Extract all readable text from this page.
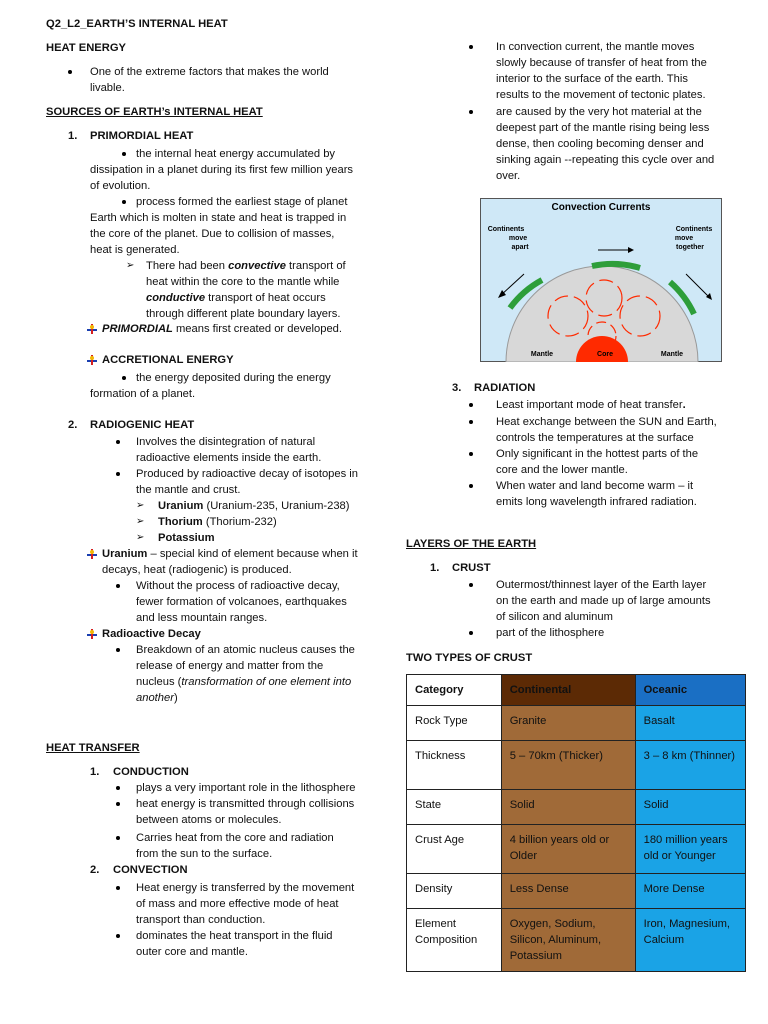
Q2_L2_EARTH’S INTERNAL HEAT
HEAT ENERGY
One of the extreme factors that makes the world
livable.
SOURCES OF EARTH’s INTERNAL HEAT
1. PRIMORDIAL HEAT
the internal heat energy accumulated by
dissipation in a planet during its first few million years
of evolution.
process formed the earliest stage of planet
Earth which is molten in state and heat is trapped in
the core of the planet. Due to collision of masses,
heat is generated.
➢ There had been convective transport of
heat within the core to the mantle while
conductive transport of heat occurs
through different plate boundary layers.
PRIMORDIAL means first created or developed.
ACCRETIONAL ENERGY
the energy deposited during the energy
formation of a planet.
2. RADIOGENIC HEAT
Involves the disintegration of natural
radioactive elements inside the earth.
Produced by radioactive decay of isotopes in
the mantle and crust.
➢ Uranium (Uranium-235, Uranium-238)
➢ Thorium (Thorium-232)
➢ Potassium
Uranium – special kind of element because when it
decays, heat (radiogenic) is produced.
Without the process of radioactive decay,
fewer formation of volcanoes, earthquakes
and less mountain ranges.
Radioactive Decay
Breakdown of an atomic nucleus causes the
release of energy and matter from the
nucleus (transformation of one element into
another)
HEAT TRANSFER
1. CONDUCTION
plays a very important role in the lithosphere
heat energy is transmitted through collisions
between atoms or molecules.
Carries heat from the core and radiation
from the sun to the surface.
2. CONVECTION
Heat energy is transferred by the movement
of mass and more effective mode of heat
transport than conduction.
dominates the heat transport in the fluid
outer core and mantle.
In convection current, the mantle moves
slowly because of transfer of heat from the
interior to the surface of the earth. This
results to the movement of tectonic plates.
are caused by the very hot material at the
deepest part of the mantle rising being less
dense, then cooling becoming denser and
sinking again --repeating this cycle over and
over.
Convection Currents
Continents
move
apart
Continents
move
together
Mantle	Core	Mantle
3. RADIATION
Least important mode of heat transfer.
Heat exchange between the SUN and Earth,
controls the temperatures at the surface
Only significant in the hottest parts of the
core and the lower mantle.
When water and land become warm – it
emits long wavelength infrared radiation.
LAYERS OF THE EARTH
1. CRUST
Outermost/thinnest layer of the Earth layer
on the earth and made up of large amounts
of silicon and aluminum
part of the lithosphere
TWO TYPES OF CRUST
Category	Continental	Oceanic
Rock Type	Granite	Basalt
Thickness	5 – 70km (Thicker)	3 – 8 km (Thinner)
State	Solid	Solid
Crust Age	4 billion years old or Older	180 million years old or Younger
Density	Less Dense	More Dense
Element Composition	Oxygen, Sodium, Silicon, Aluminum, Potassium	Iron, Magnesium, Calcium
